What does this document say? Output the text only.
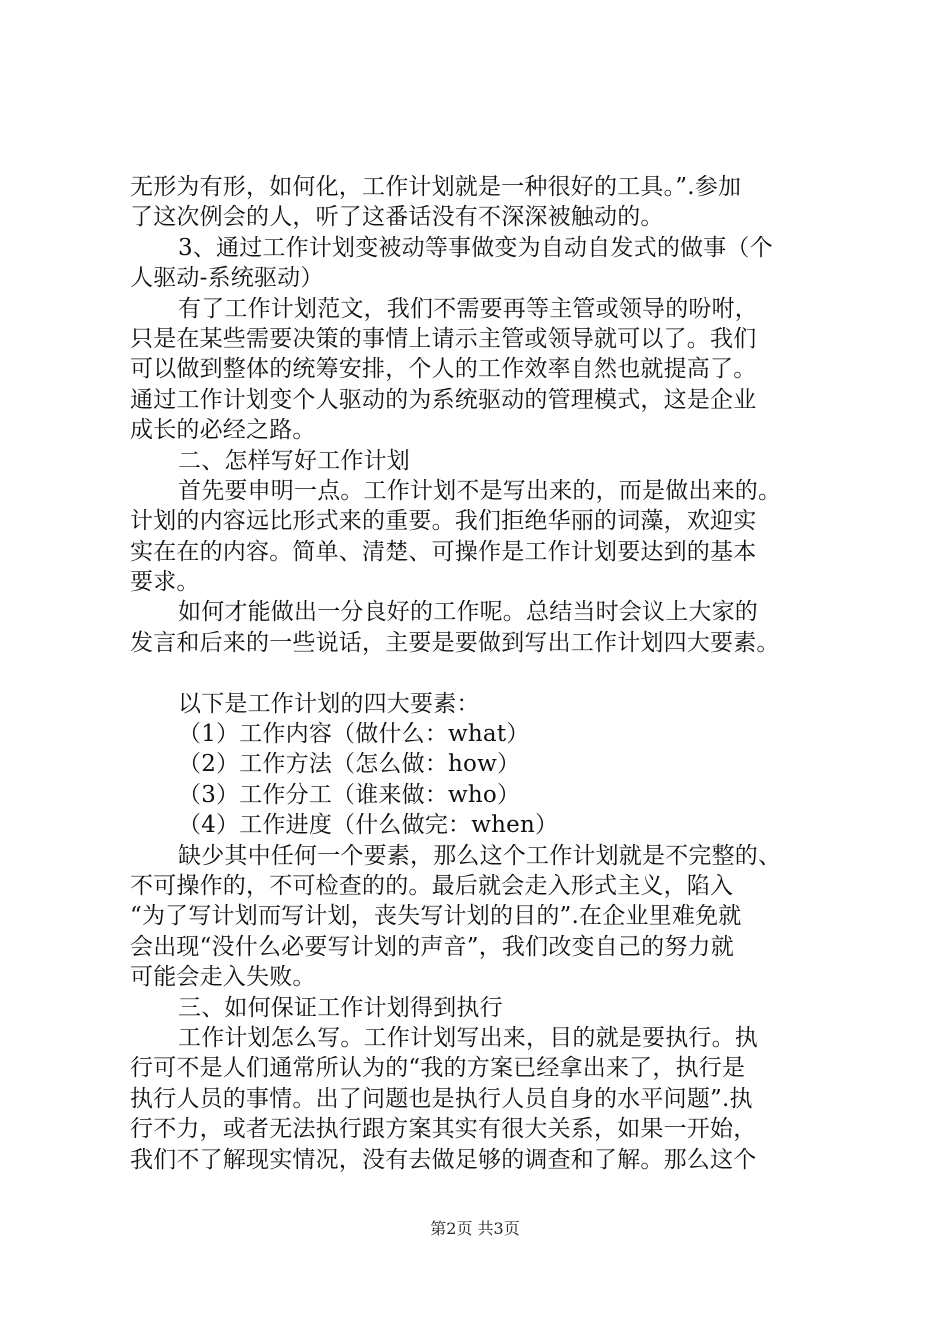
无形为有形，如何化，工作计划就是一种很好的工具。”.参加
了这次例会的人，听了这番话没有不深深被触动的。
3、通过工作计划变被动等事做变为自动自发式的做事（个
人驱动-系统驱动）
有了工作计划范文，我们不需要再等主管或领导的吩咐，
只是在某些需要决策的事情上请示主管或领导就可以了。我们
可以做到整体的统筹安排，个人的工作效率自然也就提高了。
通过工作计划变个人驱动的为系统驱动的管理模式，这是企业
成长的必经之路。
二、怎样写好工作计划
首先要申明一点。工作计划不是写出来的，而是做出来的。
计划的内容远比形式来的重要。我们拒绝华丽的词藻，欢迎实
实在在的内容。简单、清楚、可操作是工作计划要达到的基本
要求。
如何才能做出一分良好的工作呢。总结当时会议上大家的
发言和后来的一些说话，主要是要做到写出工作计划四大要素。
以下是工作计划的四大要素：
（1）工作内容（做什么：what）
（2）工作方法（怎么做：how）
（3）工作分工（谁来做：who）
（4）工作进度（什么做完：when）
缺少其中任何一个要素，那么这个工作计划就是不完整的、
不可操作的，不可检查的的。最后就会走入形式主义，陷入
“为了写计划而写计划，丧失写计划的目的”.在企业里难免就
会出现“没什么必要写计划的声音”，我们改变自己的努力就
可能会走入失败。
三、如何保证工作计划得到执行
工作计划怎么写。工作计划写出来，目的就是要执行。执
行可不是人们通常所认为的“我的方案已经拿出来了，执行是
执行人员的事情。出了问题也是执行人员自身的水平问题”.执
行不力，或者无法执行跟方案其实有很大关系，如果一开始，
我们不了解现实情况，没有去做足够的调查和了解。那么这个
第2页 共3页
